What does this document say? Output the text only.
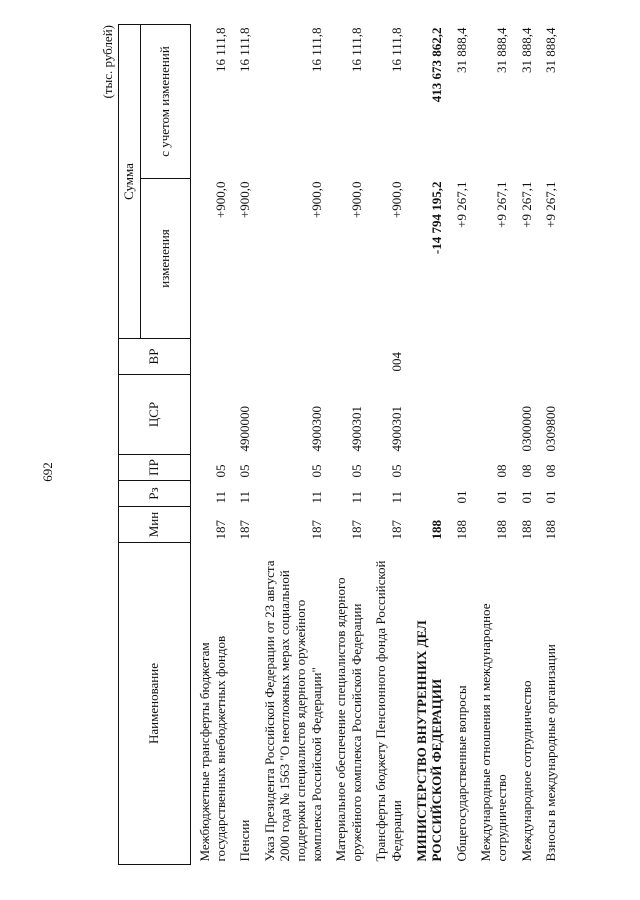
692
(тыс. рублей)
Наименование	Мин	Рз	ПР	ЦСР	ВР	Сумма	
						изменения	с учетом изменений
Межбюджетные трансферты бюджетам государственных внебюджетных фондов	187	11	05			+900,0	16 111,8
Пенсии	187	11	05	4900000		+900,0	16 111,8
Указ Президента Российской Федерации от 23 августа 2000 года № 1563 "О неотложных мерах социальной поддержки специалистов ядерного оружейного комплекса Российской Федерации"	187	11	05	4900300		+900,0	16 111,8
Материальное обеспечение специалистов ядерного оружейного комплекса Российской Федерации	187	11	05	4900301		+900,0	16 111,8
Трансферты бюджету Пенсионного фонда Российской Федерации	187	11	05	4900301	004	+900,0	16 111,8
МИНИСТЕРСТВО ВНУТРЕННИХ ДЕЛ РОССИЙСКОЙ ФЕДЕРАЦИИ	188					-14 794 195,2	413 673 862,2
Общегосударственные вопросы	188	01				+9 267,1	31 888,4
Международные отношения и международное сотрудничество	188	01	08			+9 267,1	31 888,4
Международное сотрудничество	188	01	08	0300000		+9 267,1	31 888,4
Взносы в международные организации	188	01	08	0309800		+9 267,1	31 888,4
